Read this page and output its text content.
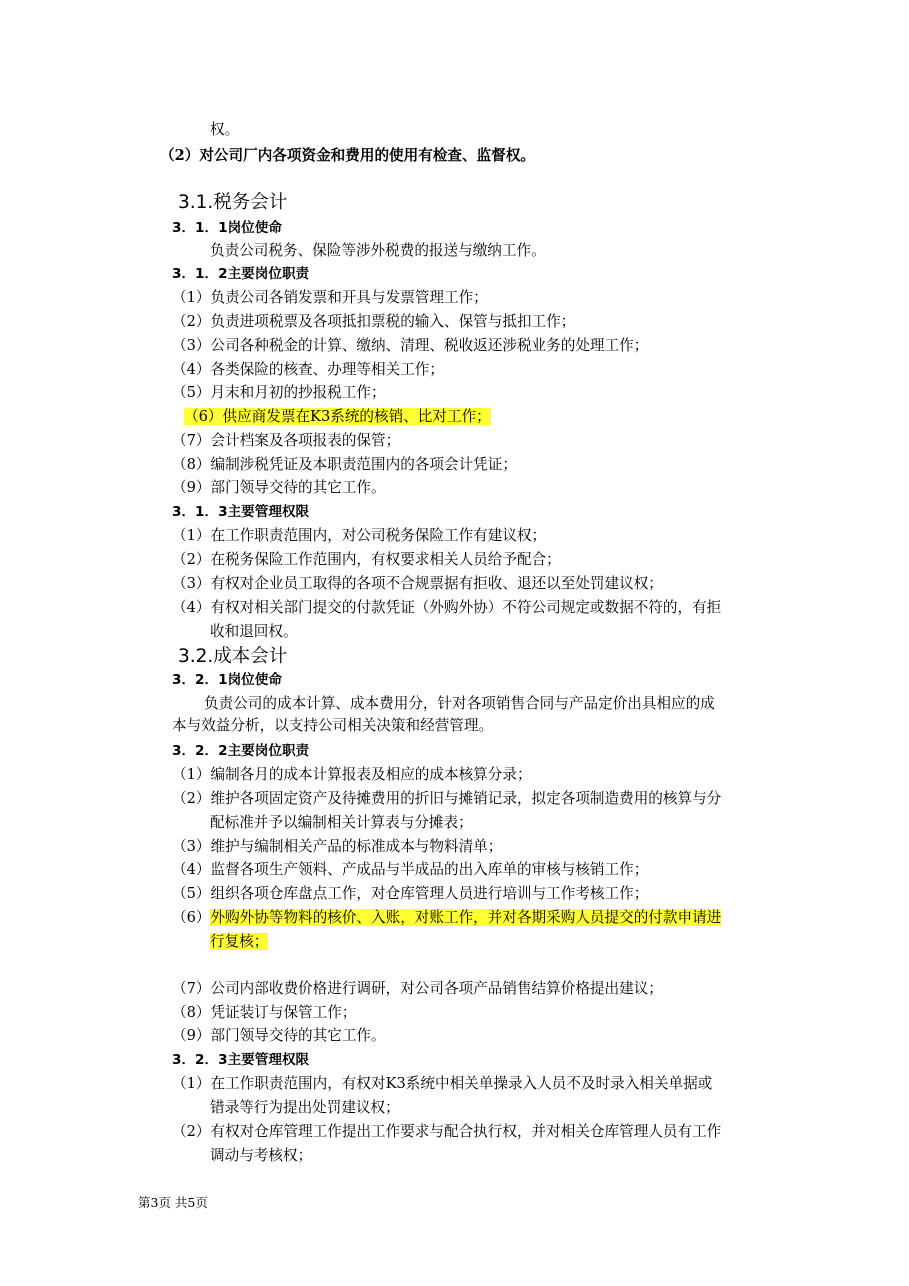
权。
（2）对公司厂内各项资金和费用的使用有检查、监督权。
3.1.税务会计
3．1．1岗位使命
负责公司税务、保险等涉外税费的报送与缴纳工作。
3．1．2主要岗位职责
（1）负责公司各销发票和开具与发票管理工作；
（2）负责进项税票及各项抵扣票税的输入、保管与抵扣工作；
（3）公司各种税金的计算、缴纳、清理、税收返还涉税业务的处理工作；
（4）各类保险的核查、办理等相关工作；
（5）月末和月初的抄报税工作；
（6）供应商发票在K3系统的核销、比对工作；
（7）会计档案及各项报表的保管；
（8）编制涉税凭证及本职责范围内的各项会计凭证；
（9）部门领导交待的其它工作。
3．1．3主要管理权限
（1）在工作职责范围内，对公司税务保险工作有建议权；
（2）在税务保险工作范围内，有权要求相关人员给予配合；
（3）有权对企业员工取得的各项不合规票据有拒收、退还以至处罚建议权；
（4）有权对相关部门提交的付款凭证（外购外协）不符公司规定或数据不符的，有拒
收和退回权。
3.2.成本会计
3．2．1岗位使命
负责公司的成本计算、成本费用分，针对各项销售合同与产品定价出具相应的成
本与效益分析，以支持公司相关决策和经营管理。
3．2．2主要岗位职责
（1）编制各月的成本计算报表及相应的成本核算分录；
（2）维护各项固定资产及待摊费用的折旧与摊销记录，拟定各项制造费用的核算与分
配标准并予以编制相关计算表与分摊表；
（3）维护与编制相关产品的标准成本与物料清单；
（4）监督各项生产领料、产成品与半成品的出入库单的审核与核销工作；
（5）组织各项仓库盘点工作，对仓库管理人员进行培训与工作考核工作；
（6）外购外协等物料的核价、入账，对账工作，并对各期采购人员提交的付款申请进
行复核；
（7）公司内部收费价格进行调研，对公司各项产品销售结算价格提出建议；
（8）凭证装订与保管工作；
（9）部门领导交待的其它工作。
3．2．3主要管理权限
（1）在工作职责范围内，有权对K3系统中相关单操录入人员不及时录入相关单据或
错录等行为提出处罚建议权；
（2）有权对仓库管理工作提出工作要求与配合执行权，并对相关仓库管理人员有工作
调动与考核权；
第3页 共5页
